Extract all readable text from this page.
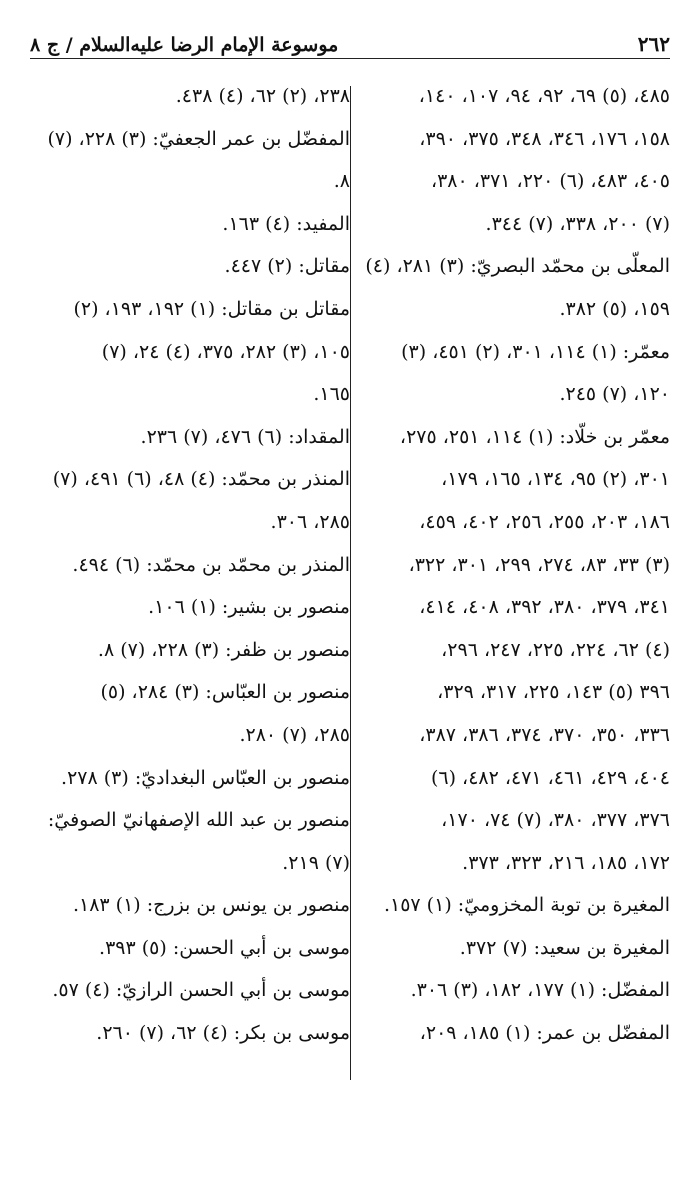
موسوعة الإمام الرضا عليه‌السلام / ج ٨	٢٦٢
٤٨٥، (٥) ٦٩، ٩٢، ٩٤، ١٠٧، ١٤٠،
١٥٨، ١٧٦، ٣٤٦، ٣٤٨، ٣٧٥، ٣٩٠،
٤٠٥، ٤٨٣، (٦) ٢٢٠، ٣٧١، ٣٨٠،
(٧) ٢٠٠، ٣٣٨، (٧) ٣٤٤.
المعلّى بن محمّد البصريّ: (٣) ٢٨١، (٤)
١٥٩، (٥) ٣٨٢.
معمّر: (١) ١١٤، ٣٠١، (٢) ٤٥١، (٣)
١٢٠، (٧) ٢٤٥.
معمّر بن خلّاد: (١) ١١٤، ٢٥١، ٢٧٥،
٣٠١، (٢) ٩٥، ١٣٤، ١٦٥، ١٧٩،
١٨٦، ٢٠٣، ٢٥٥، ٢٥٦، ٤٠٢، ٤٥٩،
(٣) ٣٣، ٨٣، ٢٧٤، ٢٩٩، ٣٠١، ٣٢٢،
٣٤١، ٣٧٩، ٣٨٠، ٣٩٢، ٤٠٨، ٤١٤،
(٤) ٦٢، ٢٢٤، ٢٢٥، ٢٤٧، ٢٩٦،
٣٩٦ (٥) ١٤٣، ٢٢٥، ٣١٧، ٣٢٩،
٣٣٦، ٣٥٠، ٣٧٠، ٣٧٤، ٣٨٦، ٣٨٧،
٤٠٤، ٤٢٩، ٤٦١، ٤٧١، ٤٨٢، (٦)
٣٧٦، ٣٧٧، ٣٨٠، (٧) ٧٤، ١٧٠،
١٧٢، ١٨٥، ٢١٦، ٣٢٣، ٣٧٣.
المغيرة بن توبة المخزوميّ: (١) ١٥٧.
المغيرة بن سعيد: (٧) ٣٧٢.
المفضّل: (١) ١٧٧، ١٨٢، (٣) ٣٠٦.
المفضّل بن عمر: (١) ١٨٥، ٢٠٩،
٢٣٨، (٢) ٦٢، (٤) ٤٣٨.
المفضّل بن عمر الجعفيّ: (٣) ٢٢٨، (٧)
٨.
المفيد: (٤) ١٦٣.
مقاتل: (٢) ٤٤٧.
مقاتل بن مقاتل: (١) ١٩٢، ١٩٣، (٢)
١٠٥، (٣) ٢٨٢، ٣٧٥، (٤) ٢٤، (٧)
١٦٥.
المقداد: (٦) ٤٧٦، (٧) ٢٣٦.
المنذر بن محمّد: (٤) ٤٨، (٦) ٤٩١، (٧)
٢٨٥، ٣٠٦.
المنذر بن محمّد بن محمّد: (٦) ٤٩٤.
منصور بن بشير: (١) ١٠٦.
منصور بن ظفر: (٣) ٢٢٨، (٧) ٨.
منصور بن العبّاس: (٣) ٢٨٤، (٥)
٢٨٥، (٧) ٢٨٠.
منصور بن العبّاس البغداديّ: (٣) ٢٧٨.
منصور بن عبد الله الإصفهانيّ الصوفيّ:
(٧) ٢١٩.
منصور بن يونس بن بزرج: (١) ١٨٣.
موسى بن أبي الحسن: (٥) ٣٩٣.
موسى بن أبي الحسن الرازيّ: (٤) ٥٧.
موسى بن بكر: (٤) ٦٢، (٧) ٢٦٠.
